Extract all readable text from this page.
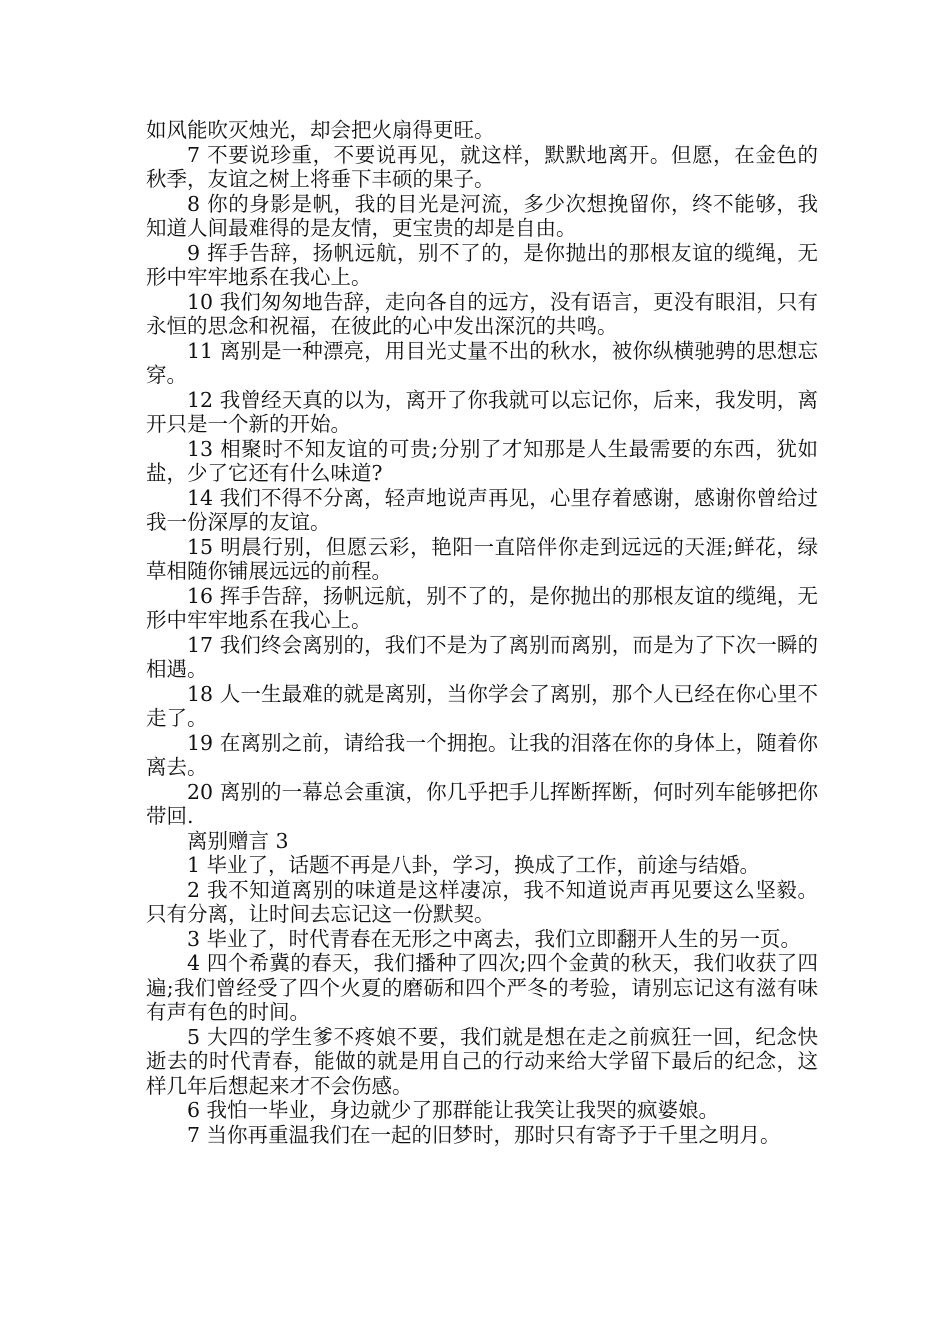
如风能吹灭烛光，却会把火扇得更旺。

7 不要说珍重，不要说再见，就这样，默默地离开。但愿，在金色的秋季，友谊之树上将垂下丰硕的果子。

8 你的身影是帆，我的目光是河流，多少次想挽留你，终不能够，我知道人间最难得的是友情，更宝贵的却是自由。

9 挥手告辞，扬帆远航，别不了的，是你抛出的那根友谊的缆绳，无形中牢牢地系在我心上。

10 我们匆匆地告辞，走向各自的远方，没有语言，更没有眼泪，只有永恒的思念和祝福，在彼此的心中发出深沉的共鸣。

11 离别是一种漂亮，用目光丈量不出的秋水，被你纵横驰骋的思想忘穿。

12 我曾经天真的以为，离开了你我就可以忘记你，后来，我发明，离开只是一个新的开始。

13 相聚时不知友谊的可贵;分别了才知那是人生最需要的东西，犹如盐，少了它还有什么味道?

14 我们不得不分离，轻声地说声再见，心里存着感谢，感谢你曾给过我一份深厚的友谊。

15 明晨行别，但愿云彩，艳阳一直陪伴你走到远远的天涯;鲜花，绿草相随你铺展远远的前程。

16 挥手告辞，扬帆远航，别不了的，是你抛出的那根友谊的缆绳，无形中牢牢地系在我心上。

17 我们终会离别的，我们不是为了离别而离别，而是为了下次一瞬的相遇。

18 人一生最难的就是离别，当你学会了离别，那个人已经在你心里不走了。

19 在离别之前，请给我一个拥抱。让我的泪落在你的身体上，随着你离去。

20 离别的一幕总会重演，你几乎把手儿挥断挥断，何时列车能够把你带回.

离别赠言 3

1 毕业了，话题不再是八卦，学习，换成了工作，前途与结婚。

2 我不知道离别的味道是这样凄凉，我不知道说声再见要这么坚毅。只有分离，让时间去忘记这一份默契。

3 毕业了，时代青春在无形之中离去，我们立即翻开人生的另一页。

4 四个希冀的春天，我们播种了四次;四个金黄的秋天，我们收获了四遍;我们曾经受了四个火夏的磨砺和四个严冬的考验，请别忘记这有滋有味有声有色的时间。

5 大四的学生爹不疼娘不要，我们就是想在走之前疯狂一回，纪念快逝去的时代青春，能做的就是用自己的行动来给大学留下最后的纪念，这样几年后想起来才不会伤感。

6 我怕一毕业，身边就少了那群能让我笑让我哭的疯婆娘。

7 当你再重温我们在一起的旧梦时，那时只有寄予于千里之明月。
